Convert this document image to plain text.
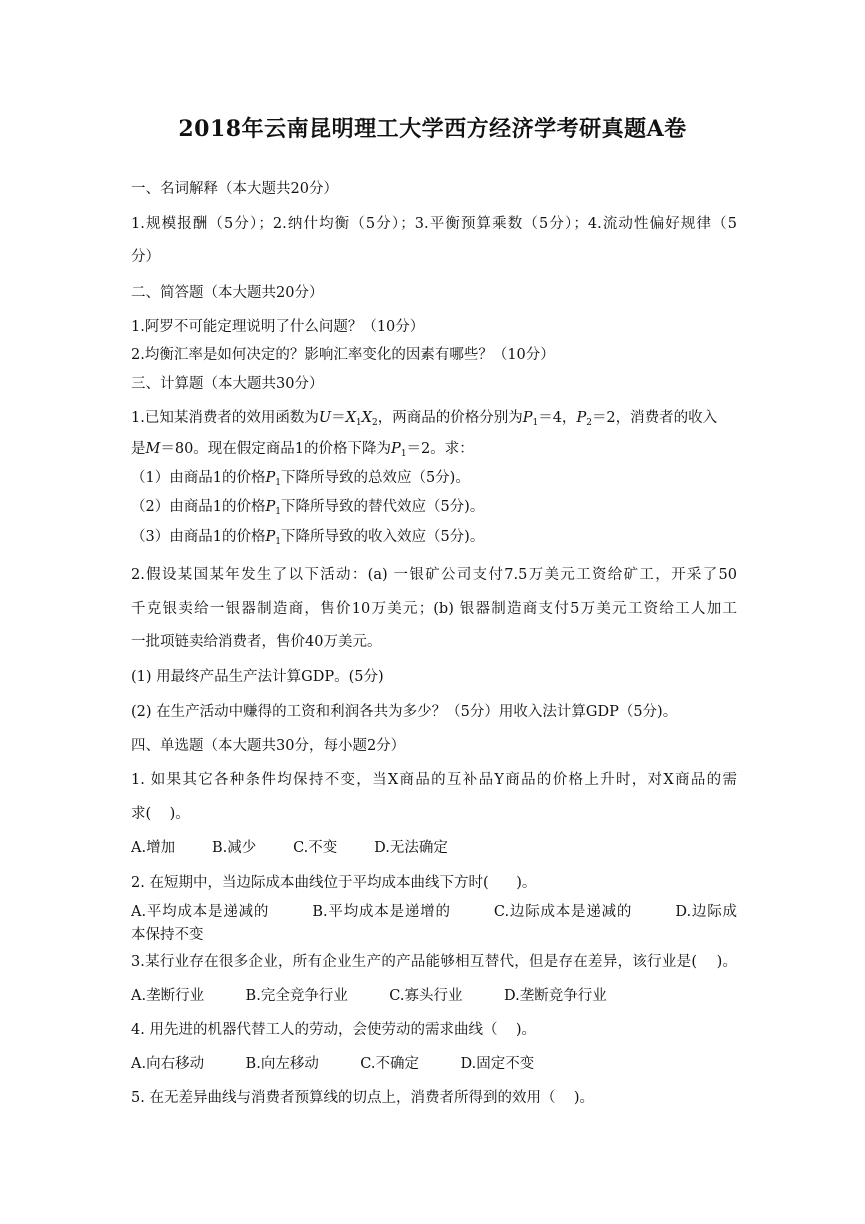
2018年云南昆明理工大学西方经济学考研真题A卷
一、名词解释（本大题共20分）
1.规模报酬（5分）；2.纳什均衡（5分）；3.平衡预算乘数（5分）；4.流动性偏好规律（5
分）
二、简答题（本大题共20分）
1.阿罗不可能定理说明了什么问题？（10分）
2.均衡汇率是如何决定的？影响汇率变化的因素有哪些？（10分）
三、计算题（本大题共30分）
1.已知某消费者的效用函数为$U=X_1X_2$，两商品的价格分别为$P_1=4$，$P_2=2$，消费者的收入
是M＝80。现在假定商品1的价格下降为$P_1=2$。求：
（1）由商品1的价格$P_1$下降所导致的总效应（5分)。
（2）由商品1的价格$P_1$下降所导致的替代效应（5分)。
（3）由商品1的价格$P_1$下降所导致的收入效应（5分)。
2.假设某国某年发生了以下活动：(a) 一银矿公司支付7.5万美元工资给矿工，开采了50
千克银卖给一银器制造商，售价10万美元；(b) 银器制造商支付5万美元工资给工人加工
一批项链卖给消费者，售价40万美元。
(1) 用最终产品生产法计算GDP。(5分)
(2) 在生产活动中赚得的工资和利润各共为多少？（5分）用收入法计算GDP（5分)。
四、单选题（本大题共30分，每小题2分）
1. 如果其它各种条件均保持不变，当X商品的互补品Y商品的价格上升时，对X商品的需
求(    )。
A.增加        B.减少        C.不变        D.无法确定
2. 在短期中，当边际成本曲线位于平均成本曲线下方时(      )。
A.平均成本是递减的        B.平均成本是递增的        C.边际成本是递减的        D.边际成
本保持不变
3.某行业存在很多企业，所有企业生产的产品能够相互替代，但是存在差异，该行业是(    )。
A.垄断行业         B.完全竞争行业         C.寡头行业         D.垄断竞争行业
4. 用先进的机器代替工人的劳动，会使劳动的需求曲线（    )。
A.向右移动         B.向左移动         C.不确定         D.固定不变
5. 在无差异曲线与消费者预算线的切点上，消费者所得到的效用（    )。
